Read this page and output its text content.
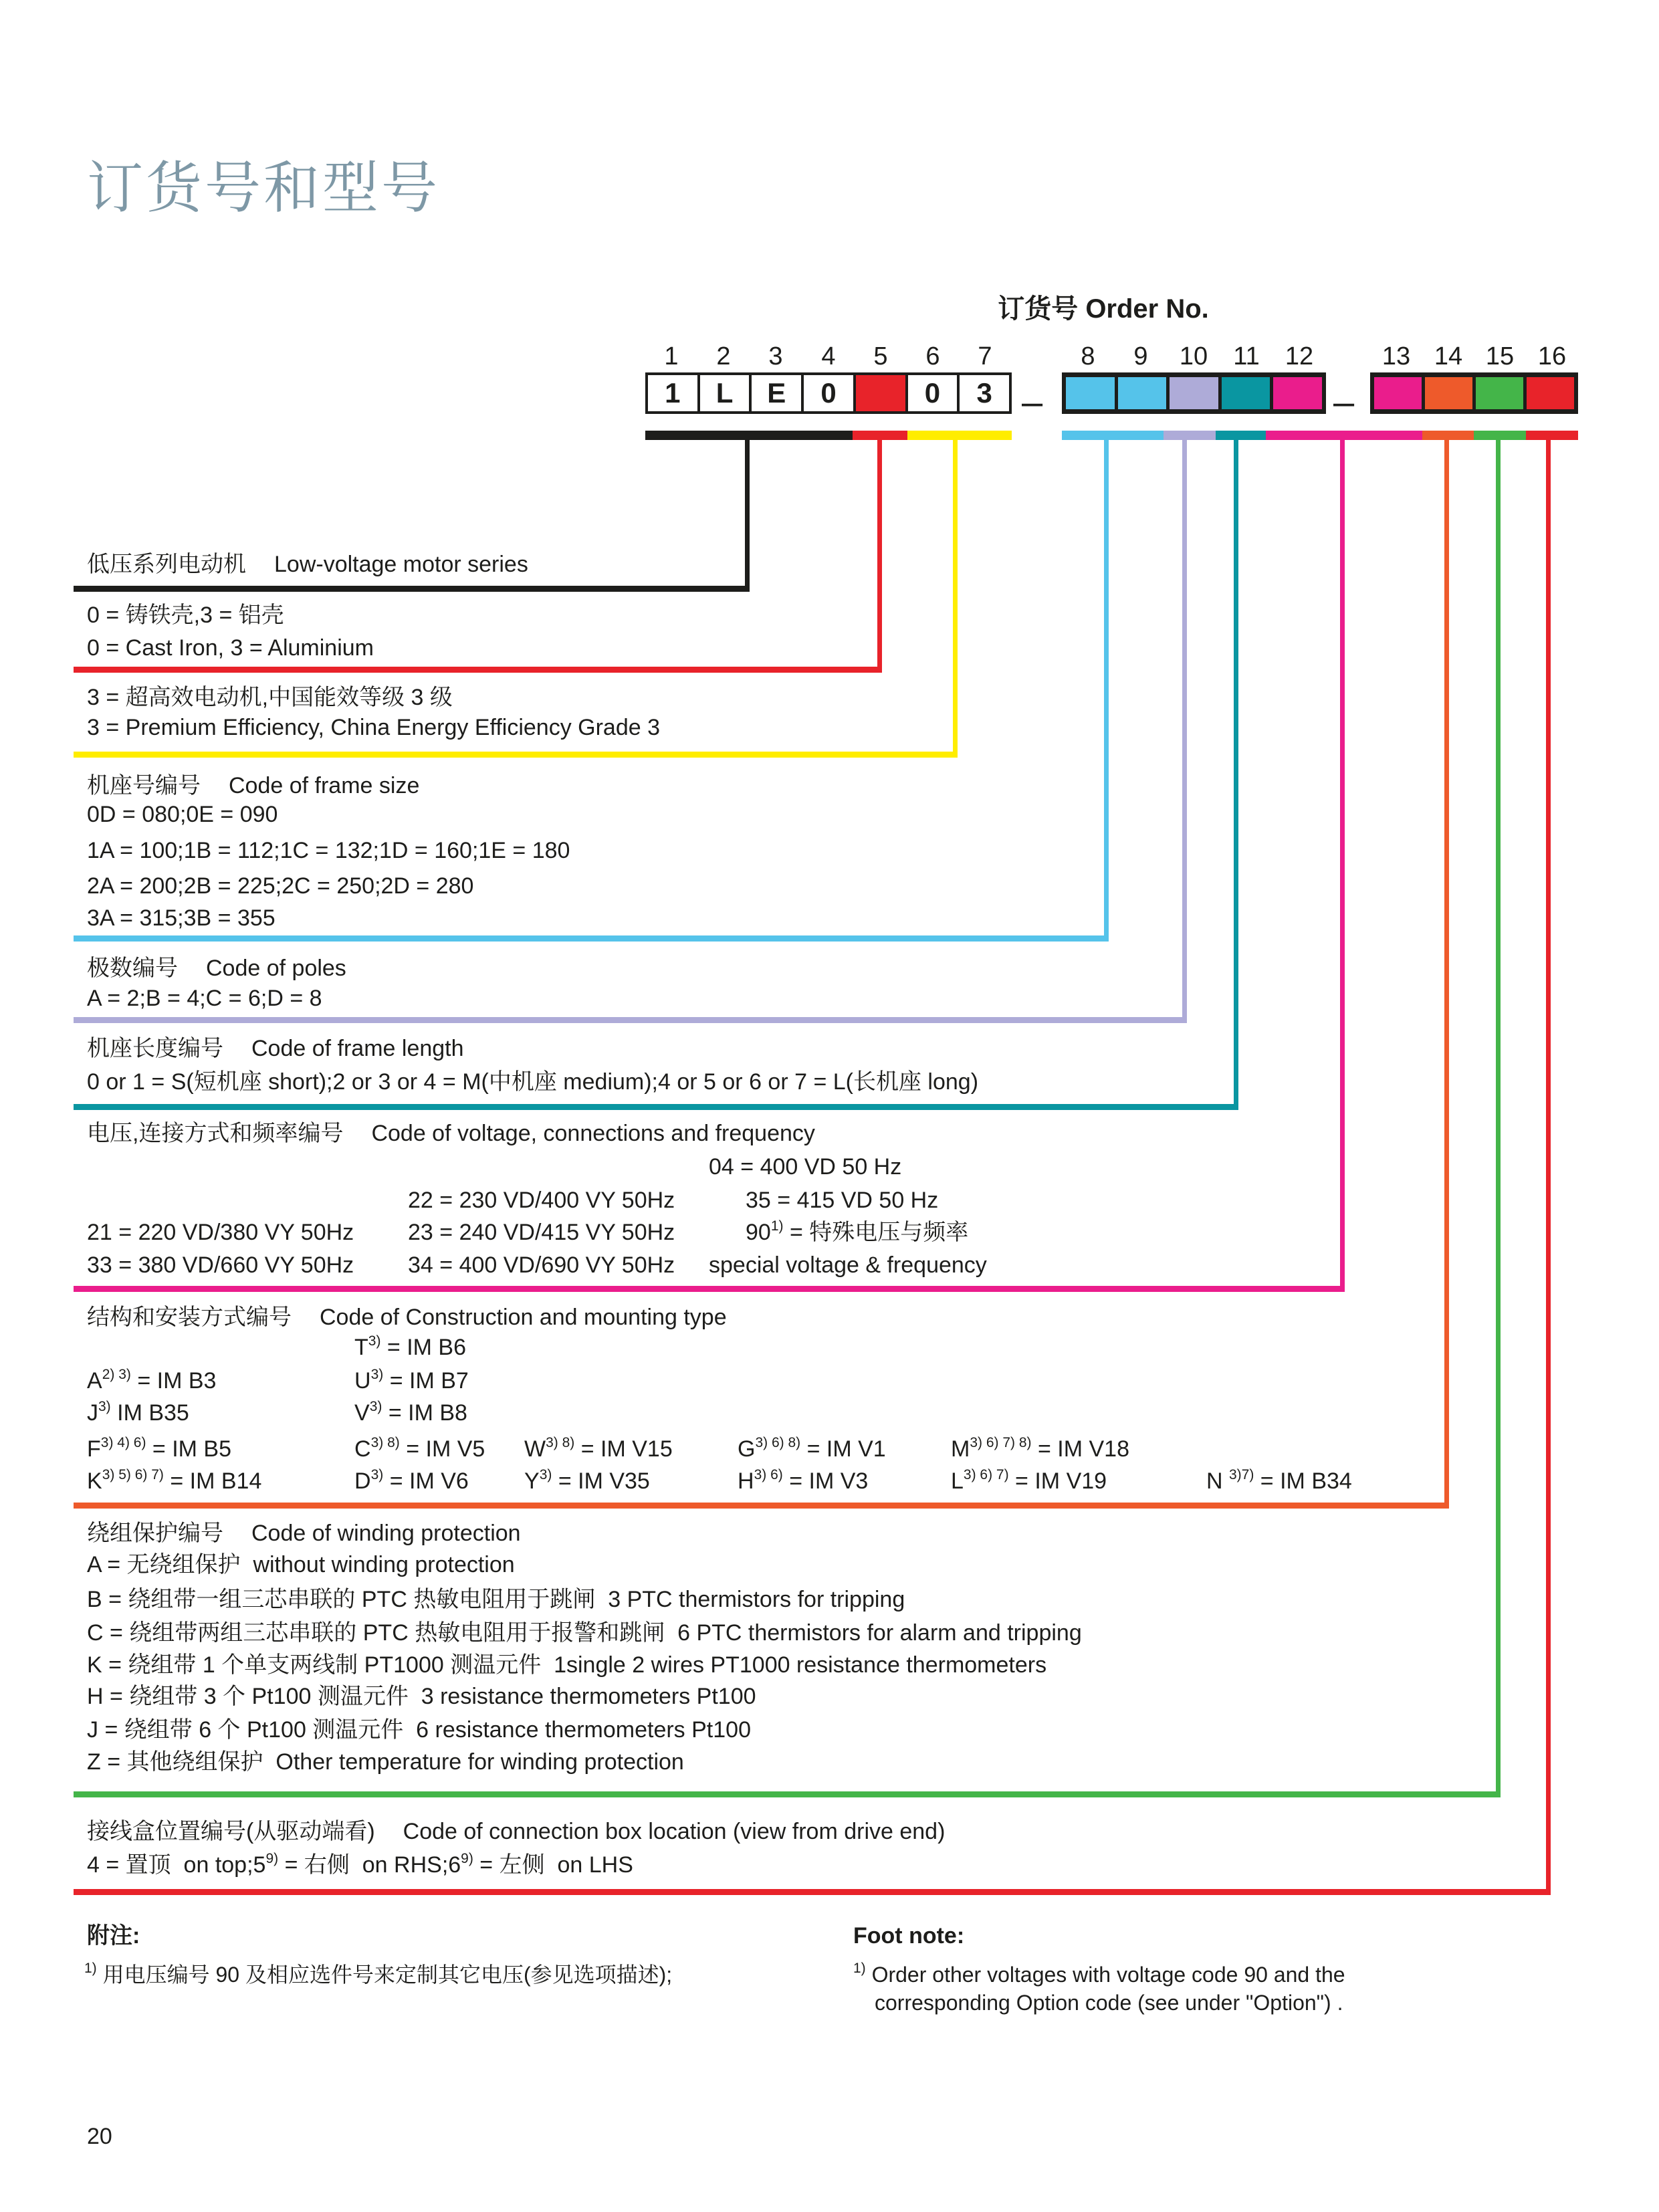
订货号和型号
订货号 Order No.
1	2	3	4	5	6	7	8	9	10	11	12	13 14 15 16
1	L	E	0	0	3 –	–
低压系列电动机 Low-voltage motor series
0 = 铸铁壳,3 = 铝壳
0 = Cast Iron, 3 = Aluminium
3 = 超高效电动机,中国能效等级 3 级
3 = Premium Efficiency, China Energy Efficiency Grade 3
机座号编号 Code of frame size
0D = 080;0E = 090
1A = 100;1B = 112;1C = 132;1D = 160;1E = 180
2A = 200;2B = 225;2C = 250;2D = 280
3A = 315;3B = 355
极数编号 Code of poles
A = 2;B = 4;C = 6;D = 8
机座长度编号 Code of frame length
0 or 1 = S(短机座 short);2 or 3 or 4 = M(中机座 medium);4 or 5 or 6 or 7 = L(长机座 long)
电压,连接方式和频率编号 Code of voltage, connections and frequency
04 = 400 VD 50 Hz
22 = 230 VD/400 VY 50Hz	35 = 415 VD 50 Hz
21 = 220 VD/380 VY 50Hz	23 = 240 VD/415 VY 50Hz	$90^{1)}$ = 特殊电压与频率
33 = 380 VD/660 VY 50Hz	34 = 400 VD/690 VY 50Hz	special voltage & frequency
结构和安装方式编号 Code of Construction and mounting type
$T^{3)}$ = IM B6
$A^{2) 3)}$ = IM B3	$U^{3)}$ = IM B7
$J^{3)}$ IM B35	$V^{3)}$ = IM B8
$F^{3) 4) 6)}$ = IM B5	$C^{3) 8)}$ = IM V5	$W^{3) 8)}$ = IM V15	$G^{3) 6) 8)}$ = IM V1	$M^{3) 6) 7) 8)}$ = IM V18
$K^{3) 5) 6) 7)}$ = IM B14	$D^{3)}$ = IM V6	$Y^{3)}$ = IM V35	$H^{3) 6)}$ = IM V3	$L^{3) 6) 7)}$ = IM V19	N $^{3)7)}$ = IM B34
绕组保护编号 Code of winding protection
A = 无绕组保护  without winding protection
B = 绕组带一组三芯串联的 PTC 热敏电阻用于跳闸  3 PTC thermistors for tripping
C = 绕组带两组三芯串联的 PTC 热敏电阻用于报警和跳闸  6 PTC thermistors for alarm and tripping
K = 绕组带 1 个单支两线制 PT1000 测温元件  1single 2 wires PT1000 resistance thermometers
H = 绕组带 3 个 Pt100 测温元件  3 resistance thermometers Pt100
J = 绕组带 6 个 Pt100 测温元件  6 resistance thermometers Pt100
Z = 其他绕组保护  Other temperature for winding protection
接线盒位置编号(从驱动端看) Code of connection box location (view from drive end)
4 = 置顶  on $top;5^{9)}$ = 右侧  on $RHS;6^{9)}$ = 左侧  on LHS
附注:
$^{1)}$ 用电压编号 90 及相应选件号来定制其它电压(参见选项描述);
Foot note:
$^{1)}$ Order other voltages with voltage code 90 and the
corresponding Option code (see under "Option") .
20
